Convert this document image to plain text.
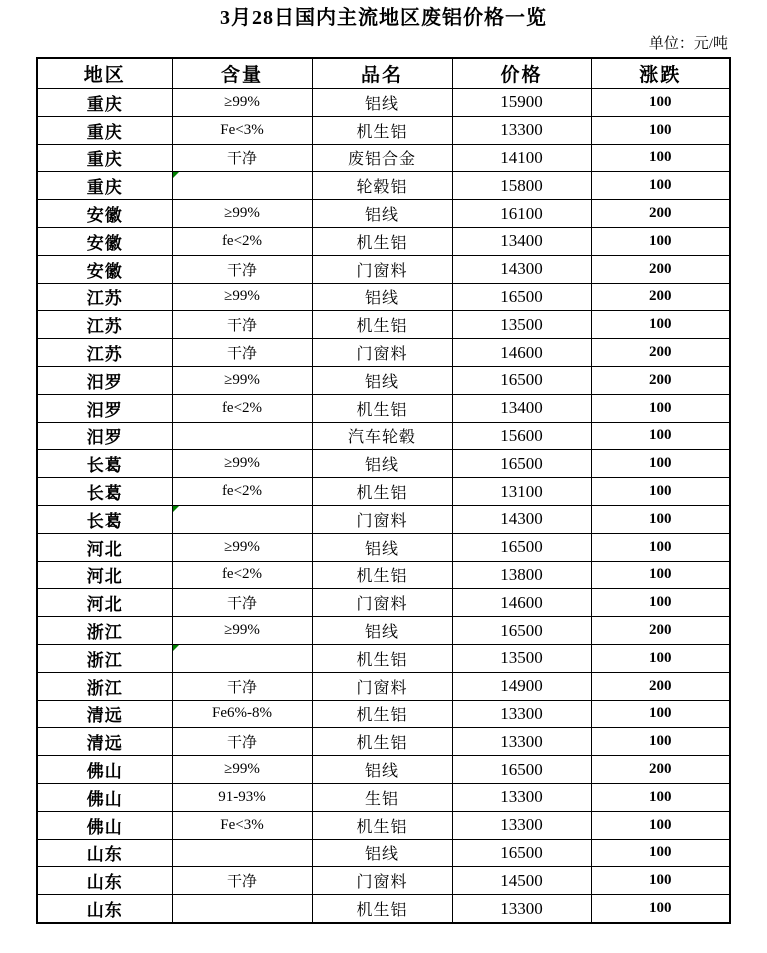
3月28日国内主流地区废铝价格一览
单位：元/吨
地区	含量	品名	价格	涨跌
重庆	≥99%	铝线	15900	100
重庆	Fe<3%	机生铝	13300	100
重庆	干净	废铝合金	14100	100
重庆		轮毂铝	15800	100
安徽	≥99%	铝线	16100	200
安徽	fe<2%	机生铝	13400	100
安徽	干净	门窗料	14300	200
江苏	≥99%	铝线	16500	200
江苏	干净	机生铝	13500	100
江苏	干净	门窗料	14600	200
汨罗	≥99%	铝线	16500	200
汨罗	fe<2%	机生铝	13400	100
汨罗		汽车轮毂	15600	100
长葛	≥99%	铝线	16500	100
长葛	fe<2%	机生铝	13100	100
长葛		门窗料	14300	100
河北	≥99%	铝线	16500	100
河北	fe<2%	机生铝	13800	100
河北	干净	门窗料	14600	100
浙江	≥99%	铝线	16500	200
浙江		机生铝	13500	100
浙江	干净	门窗料	14900	200
清远	Fe6%-8%	机生铝	13300	100
清远	干净	机生铝	13300	100
佛山	≥99%	铝线	16500	200
佛山	91-93%	生铝	13300	100
佛山	Fe<3%	机生铝	13300	100
山东		铝线	16500	100
山东	干净	门窗料	14500	100
山东		机生铝	13300	100
